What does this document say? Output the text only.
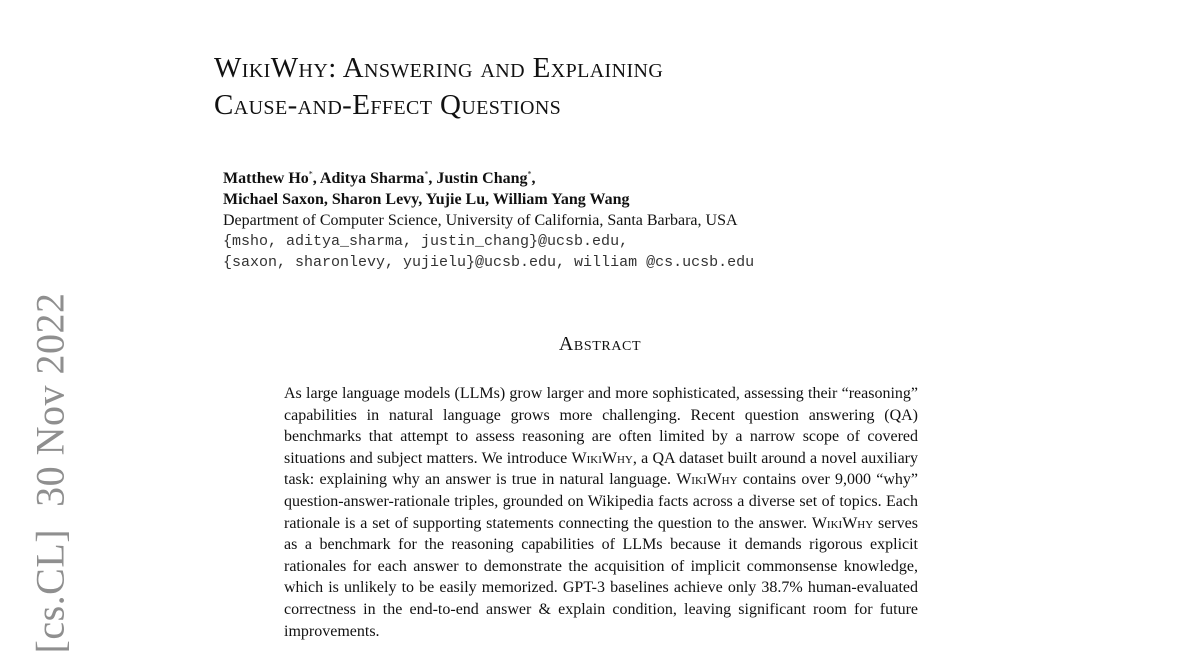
[cs.CL]30 Nov 2022
WikiWhy: Answering and Explaining
Cause-and-Effect Questions
Matthew Ho*, Aditya Sharma*, Justin Chang*,
Michael Saxon, Sharon Levy, Yujie Lu, William Yang Wang
Department of Computer Science, University of California, Santa Barbara, USA
{msho, aditya_sharma, justin_chang}@ucsb.edu,
{saxon, sharonlevy, yujielu}@ucsb.edu, william @cs.ucsb.edu
Abstract
As large language models (LLMs) grow larger and more sophisticated, assessing their “reasoning” capabilities in natural language grows more challenging. Recent question answering (QA) benchmarks that attempt to assess reasoning are often limited by a narrow scope of covered situations and subject matters. We introduce WikiWhy, a QA dataset built around a novel auxiliary task: explaining why an answer is true in natural language. WikiWhy contains over 9,000 “why” question-answer-rationale triples, grounded on Wikipedia facts across a diverse set of topics. Each rationale is a set of supporting statements connecting the question to the answer. WikiWhy serves as a benchmark for the reasoning capabilities of LLMs because it demands rigorous explicit rationales for each answer to demonstrate the acquisition of implicit commonsense knowledge, which is unlikely to be easily memorized. GPT-3 baselines achieve only 38.7% human-evaluated correctness in the end-to-end answer & explain condition, leaving significant room for future improvements.
